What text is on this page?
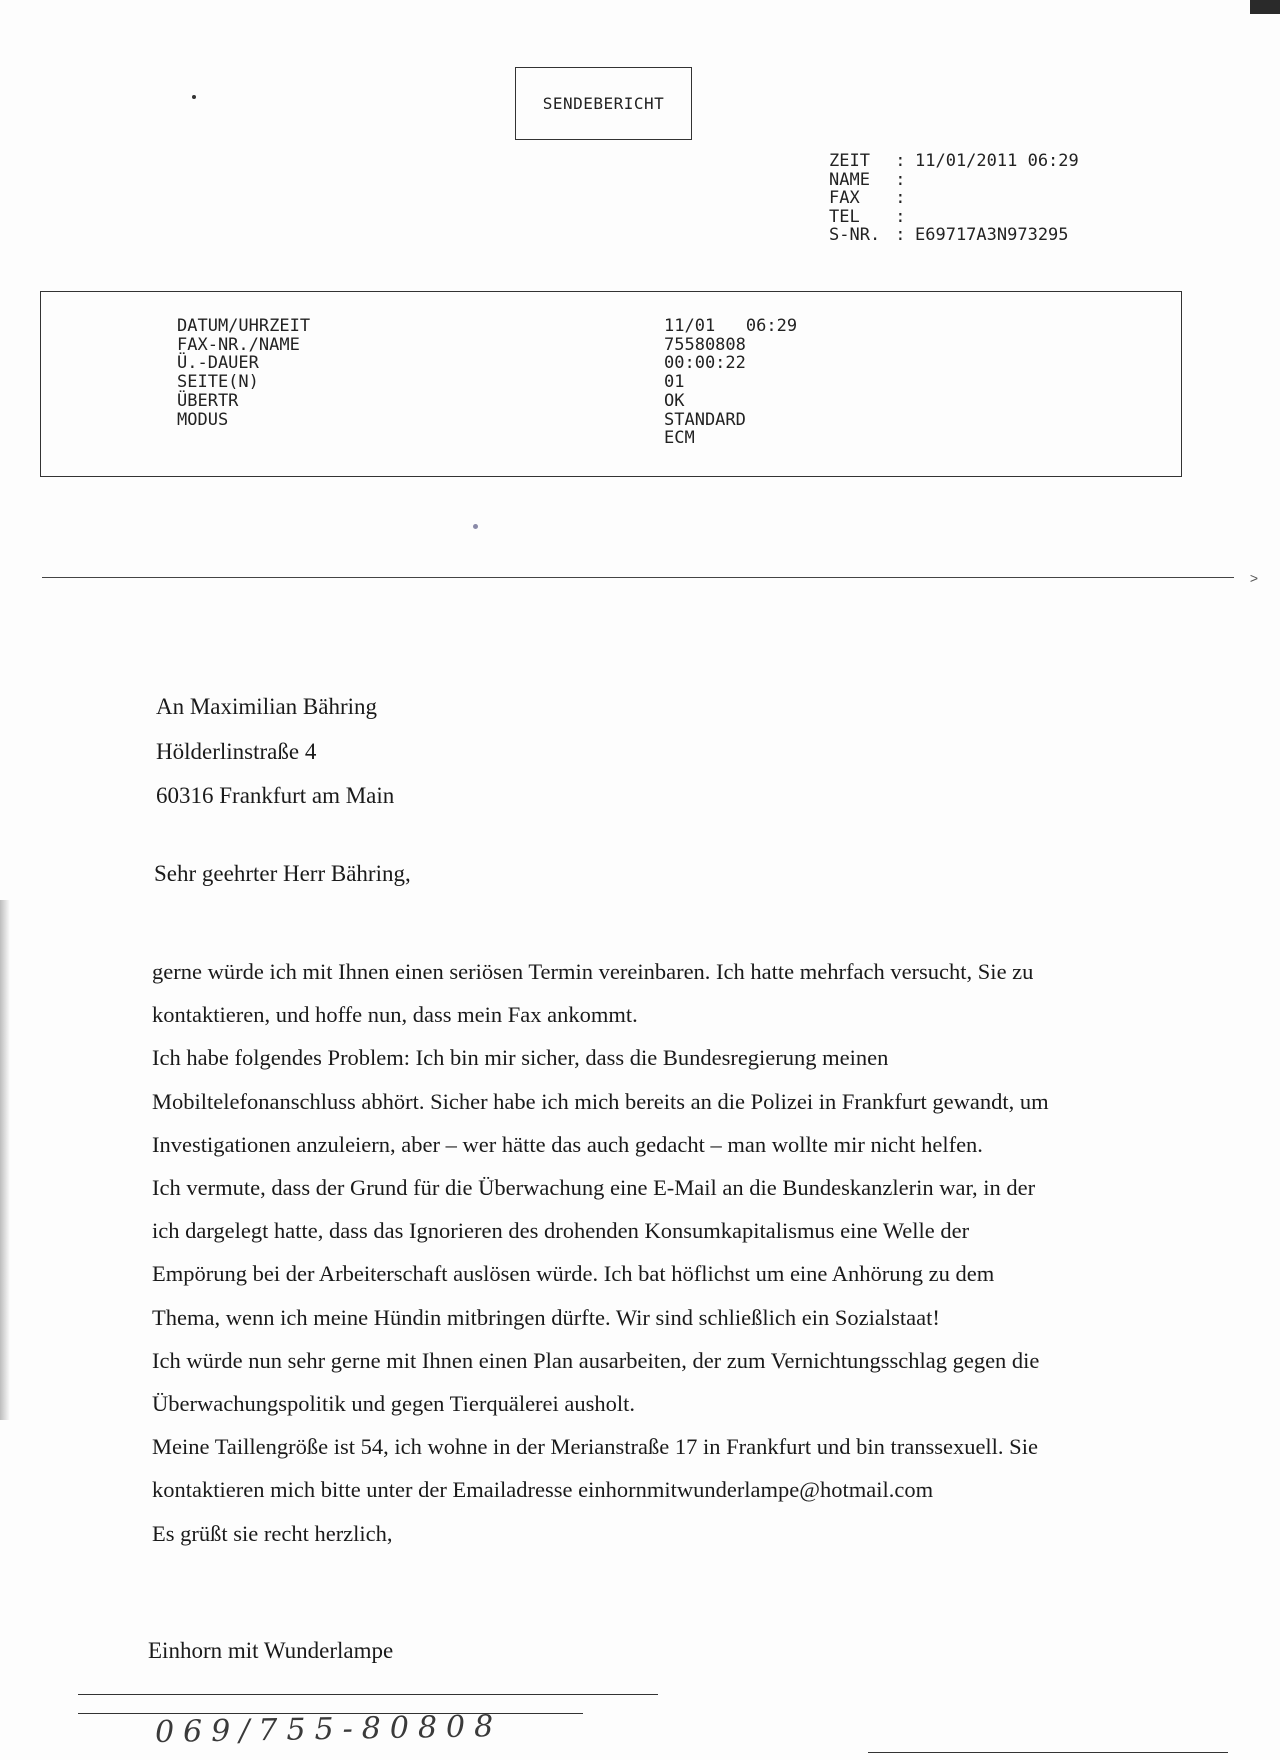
SENDEBERICHT
ZEIT : 11/01/2011 06:29
NAME :
FAX	:
TEL	:
S-NR. : E69717A3N973295
DATUM/UHRZEIT
FAX-NR./NAME
Ü.-DAUER
SEITE(N)
ÜBERTR
MODUS
11/01   06:29
75580808
00:00:22
01
OK
STANDARD
ECM
>
An Maximilian Bähring
Hölderlinstraße 4
60316 Frankfurt am Main
Sehr geehrter Herr Bähring,
gerne würde ich mit Ihnen einen seriösen Termin vereinbaren. Ich hatte mehrfach versucht, Sie zu
kontaktieren, und hoffe nun, dass mein Fax ankommt.
Ich habe folgendes Problem: Ich bin mir sicher, dass die Bundesregierung meinen
Mobiltelefonanschluss abhört. Sicher habe ich mich bereits an die Polizei in Frankfurt gewandt, um
Investigationen anzuleiern, aber – wer hätte das auch gedacht – man wollte mir nicht helfen.
Ich vermute, dass der Grund für die Überwachung eine E-Mail an die Bundeskanzlerin war, in der
ich dargelegt hatte, dass das Ignorieren des drohenden Konsumkapitalismus eine Welle der
Empörung bei der Arbeiterschaft auslösen würde. Ich bat höflichst um eine Anhörung zu dem
Thema, wenn ich meine Hündin mitbringen dürfte. Wir sind schließlich ein Sozialstaat!
Ich würde nun sehr gerne mit Ihnen einen Plan ausarbeiten, der zum Vernichtungsschlag gegen die
Überwachungspolitik und gegen Tierquälerei ausholt.
Meine Taillengröße ist 54, ich wohne in der Merianstraße 17 in Frankfurt und bin transsexuell. Sie
kontaktieren mich bitte unter der Emailadresse einhornmitwunderlampe@hotmail.com
Es grüßt sie recht herzlich,
Einhorn mit Wunderlampe
069/755-80808
